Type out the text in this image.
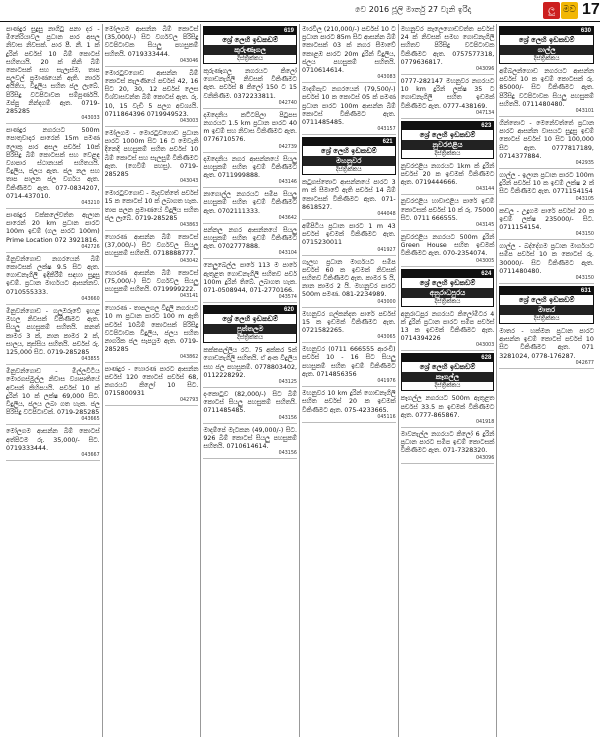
වෙ 2016 ජූලි මාර්තු 27 වැනි ඉරිදා	ලු මව 17
පාණදුර සුදුසු නාගිටු පනා දර - මීනේරියාවල ප්‍රධාන පාර අසල නිවාස නිවසක්. පාර පී. නී. 1 ක් දුරින් පර්චස් 10 බිම් කොටස් සහිතයයි. 20 ක් කිනි බිම් කොටසක් සහ සැලැස්ම, තාප පලවල් ප්‍රමාණයෙන් ඇති. නාර්ර අයිතිය, විදුලිය සහිත ජල ලැබේ. පිරිසිදු වටපිටාවක සම්පූර්ණයි. ඔප්පු නින්දගම් ඇත. 0719-285285
043033
පාණදුර නගරයට 500m පොතුවාදාර පාරෙන් 15m පමණ ලොකු පාර අසල පර්චස් 10ක් පිරිසිදු බිම් කොටසක් සහ වෙළඳ ව්‍යාපාර ස්ථානයක් සහිතයයි. විදුලිය, ජලය ඇත. ජල නල සහ තාප පාලන ජල වර්ගය ඇත. විකිණීමට ඇත. 077-0834207, 0714-437010.
043210
පාණදුර වක්කලේවත්ත ඇලාන පාරෙන් 20 km ප්‍රධාන පාරට 100m ඉඩම් (ගල පාරට 100m) Prime Location 072 3921816.
042726
මිනුවන්ගොඩ නගරයෙන් බිම් කොටසක් ලක්ෂ 9.5 සිට ඇත. ගොඩනැගිලි ඉදිකිරීම් සඳහා සුදුසු ඉඩම්. ප්‍රධාන මාර්ගයට ආසන්නව. 0710555333.
043660
මිනුවන්ගොඩ - ගලුඔරුවේ ඉහළ මහල නිවසක් විකිණීමට ඇත. සියලු පහසුකම් සහිතයි. කනත් කාමර 3 ක්, නාන කාමර 2 ක්, සාලය, කුස්සිය සහිතයි. පර්චස් රු. 125,000 සිට. 0719-285285
043855
මිනුවන්ගොඩ - මිල්ලවිටිය මොරගස්මුල්ල නිවාස ව්‍යාපෘතියේ අවසන් කිහිපයයි. පර්චස් 10 ක් දුරින් 10 ක් ලක්ෂ 69,000 සිට. විදුලිය, ජලය ලබා ගත හැක. ජල පිරිසිදු වටපිටාවක්. 0719-285285
043665
මෝලගම ආසන්න බිම් කොටස් අත්පිටම රු. 35,000/- සිට. 0719333444.
043667
මෝලගම ආසන්න බිම් කොටස් (35,000/-) සිට වර්ගවල පිරිසිදු වටපිටාවක සියලු පහසුකම් සහිතයි. 0719333444.
043046
මොරටුවගොඩ ආසන්න බිම් කොටස් කැලණියේ පර්චස් 42, 16 සිට 20, 30, 12 පර්චස් ලෙස විශ්වාසවන්ත බිම් කොටස් ඇත. රු. 10, 15 වැඩි 5 පලග අවශ්‍යයි. 0711864396 0719949523.
043003
මෝලගම - මොරටුවගොඩ ප්‍රධාන පාරට 1000m සිට 16 ට මෙවැනි දිනෙදි පහසුකම් සහිත පර්චස් 10 බිම් කොටස් සහ සැලසුම් විකිණීමට ඇත. (ගෙවීම් පහසු). 0719-285285
043043
මොරටුවගොඩ - මැදවත්තේ පර්චස් 15 ක කොටස් 10 ක් ලබාගත හැක. තාප පලන ප්‍රමාණයේ විදුලිය සහිත ජල ලැබේ. 0719-285285
043863
හොරණ ආසන්න බිම් කොටස් (37,000/-) සිට වර්ගවල සියලු පහසුකම් සහිතයි. 0718888777.
043042
හොරණ ආසන්න බිම් කොටස් (75,000/-) සිට වර්ගවල සියලු පහසුකම් සහිතයි. 0719999222.
043141
හොරණ - තාපලගල විදුලි නගරයට 10 m ප්‍රධාන පාරට 100 m ඇති පර්චස් 10බිම් කොටසක් පිරිසිදු වටපිටාවක විදුලිය, ජලය සහිත නාගරික ජල සැපයුම ඇත. 0719-285285
043862
පාණදුර - හොරණ පාරට ආසන්න පර්චස් 120 කොටස් පර්චස් 68, නගරයට කිලෝ 10 සිට. 0715800931
042793
619
ශ්‍රේ ලෙහි ඉඩකඩම්
කුරුණෑගල
දිස්ත්‍රික්කය
කුරුණෑගල නගරයට කිලෝ ගොඩනැගිලි නිවසක් විකිණීමට ඇත. පර්චස් 8 කිලෝ 150 ට 15 වනිකිණීම. 0372233811.
042740
දඹදෙනිය කට්ටපිලා පිටුපස නගරයට 1.5 km ප්‍රධාන පාරට 40 m ඉඩම් සහ නිවාස විකිණීමට ඇත. 0776710576.
042739
දඹදෙනිය නගර ආසන්නයේ සියලු පහසුකම් සහිත ඉඩම් විකිණීමට ඇත. 0711999888.
043146
නාගොල්ල නගරයට සමීප සියලු පහසුකම් සහිත ඉඩම් විකිණීමට ඇත. 0702111333.
043642
පන්නල නගර ආසන්නයේ සියලු පහසුකම් සහිත ඉඩම් විකිණීමට ඇත. 0702777888.
043104
නෙලුබෙල්ල පාරේ 113 ම පාරේ ඇතුළත ගොඩනැගිලි සහිතව පර්ච 100m දුරින් තිබේ. ලබාගත හැක. 071-0508944, 071-2770166.
043574
620
ශ්‍රේ ලෙහි ඉඩකඩම්
පුත්තලම
දිස්ත්‍රික්කය
කක්කපල්ලිය රට. 75 අක්කර 5ක් ගොඩනැගිලි සහිතයි. ඒ අංක විදුලිය සහ ජල පහසුකම්. 0778803402, 0112228292.
043125
දංකොටුව (82,000/-) සිට බිම් කොටස් සියලු පහසුකම් සහිතයි. 0711485485.
043156
මාදම්පේ මැටකන (49,000/-) සිට. 926 බිම් කොටස් සියලු පහසුකම් සහිතයි. 0710614614.
043156
මාරවිල (210,000/-) පර්චස් 10 ට ප්‍රධාන පාරට 85m සිට ආසන්න බිම් කොටසක් 03 ක් නගර සීමාවේ කොළඹ පාරට 20m දුරින් විදුලිය, ජලය පහසුකම් සහිතයි. 0710614614.
043083
මාදම්පැව නගරයෙන් (79,500/-) පර්චස් 10 ක කොටස් 05 ක් පමණ ප්‍රධාන පාරට 100m ආසන්න බිම් කොටස් විකිණීමට ඇත. 0711485485.
043157
621
ශ්‍රේ ලෙහි ඉඩකඩම්
මහනුවර
දිස්ත්‍රික්කය
කටුගස්තොට ආසන්නයේ පාරට 3 m ක් සීමාවේ ඇති පර්චස් 14 බිම් කොටසක් විකිණීමට ඇත. 071-8618527.
044048
අම්පිටිය ප්‍රධාන පාරට 1 m 43 පර්චස් ඉඩමක් විකිණීමට ඇත. 0715230011
041927
ගැලහ ප්‍රධාන මාර්ගයට සමීප පර්චස් 60 ක ඉඩමක් නිවසක් සහිතව විකිණීමට ඇත. කාමර 5 යි, නාන කාමර 2 යි. මහනුවර පාරට 500m පමණ. 081-2234989.
043000
මහනුවර ගල්කන්දත පාරේ පර්චස් 15 ක ඉඩමක් විකිණීමට ඇත. 0721582265.
043065
මහනුවර (0711 666555 ආරංචි) පර්චස් 10 - 16 සිට සියලු පහසුකම් සහිත ඉඩම් විකිණීමට ඇත. 0714856356
041976
මහනුවර 10 km දුරින් ගොඩනැගිලි සහිත පර්චස් 20 ක ඉඩමක් විකිණීමට ඇත. 075-4233665.
045116
මහනුවර කැලෙගොඩවත්ත පර්චස් 24 ක් නිවසක් සමඟ ගොඩනැගිලි සහිතව පිරිසිදු වටපිටාවක විකිණීමට ඇත. 0757577318, 0779636817.
043096
0777-282147 මහනුවර නගරයට 10 km දුරින් ලක්ෂ 35 ට ගොඩනැගිලි සහිත ඉඩමක් විකිණීමට ඇත. 0777-438169.
047134
623
ශ්‍රේ ලෙහි ඉඩකඩම්
නුවරඑළිය
දිස්ත්‍රික්කය
නුවරඑළිය නගරයට 1km ක් දුරින් පර්චස් 20 ක ඉඩමක් විකිණීමට ඇත. 0719444666.
043144
නුවරඑළිය හාවාඑළිය පාරේ ඉඩම් කොටසක් පර්චස් 10 ක් රු. 75000 සිට. 0711 666555.
043145
නුවරඑළිය නගරයට 500m දුරින් Green House සහිත ඉඩමක් විකිණීමට ඇත. 070-2354074.
043005
624
ශ්‍රේ ලෙහි ඉඩකඩම්
අනුරාධපුරය
දිස්ත්‍රික්කය
අනුරාධපුර නගරයට කිලෝමීටර 4 ක් දුරින් ප්‍රධාන පාරට සමීප පර්චස් 13 ක ඉඩමක් විකිණීමට ඇත. 0714394226
043003
628
ශ්‍රේ ලෙහි ඉඩකඩම්
කෑගල්ල
දිස්ත්‍රික්කය
කෑගල්ල නගරයට 500m ඇතුළත පර්චස් 33.5 ක ඉඩමක් විකිණීමට ඇත. 0777-865867.
041918
මාවනැල්ල නගරයට කිලෝ 6 දුරින් ප්‍රධාන පාරට සමීප ඉඩම් කොටසක් විකිණීමට ඇත. 071-7328320.
043096
630
ශ්‍රේ ලෙහි ඉඩකඩම්
ගාල්ල
දිස්ත්‍රික්කය
අම්බලන්ගොඩ නගරයට ආසන්න පර්චස් 10 ක ඉඩම් කොටසක් රු. 85000/- සිට විකිණීමට ඇත. පිරිසිදු වටපිටාවක සියලු පහසුකම් සහිතයි. 0711480480.
043101
ගින්තොට - මෙනේවත්තේ ප්‍රධාන පාරට ආසන්න වාසයට සුදුසු ඉඩම් කොටස් පර්චස් 10 සිට 100,000 සිට ඇත. 0777817189, 0714377884.
042935
ගාල්ල - ඉලාන ප්‍රධාන පාරට 100m දුරින් පර්චස් 10 ක ඉඩම් ලක්ෂ 2 ක් සිට විකිණීමට ඇත. 0771154154
043105
කඩල - උදුගම පාරේ පර්චස් 20 ක ඉඩම් ලක්ෂ 235000/- සිට. 0711154154.
043150
ගාල්ල - බද්දේගම ප්‍රධාන මාර්ගයට සමීප පර්චස් 10 ක කොටස් රු. 30000/- සිට විකිණීමට ඇත. 0711480480.
043150
631
ශ්‍රේ ලෙහි ඉඩකඩම්
මාතර
දිස්ත්‍රික්කය
මාතර - හක්මන ප්‍රධාන පාරට ආසන්න ඉඩම් කොටස් පර්චස් 10 සිට විකිණීමට ඇත. 071 3281024, 0778-176287.
042677
